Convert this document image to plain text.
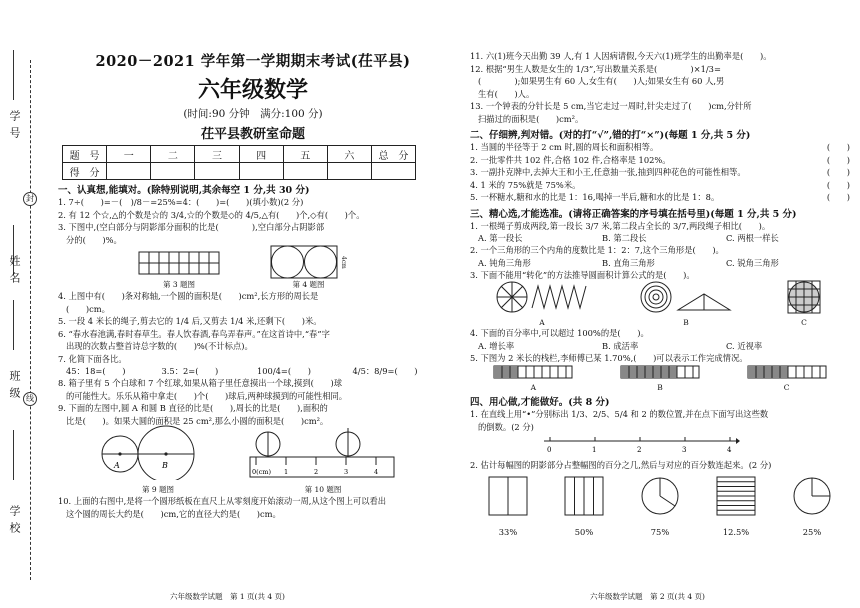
学号
封
姓名
班级 线
学校
2020－2021 学年第一学期期末考试(茌平县)
六年级数学
(时间:90 分钟　满分:100 分)
茌平县教研室命题
题　号	一	二	三	四	五	六	总　分
得　分							
一、认真想,能填对。(除特别说明,其余每空 1 分,共 30 分)
1. 7÷(　　)=－(　)/8－=25%=4：(　　)=(　　)(填小数)(2 分)
2. 有 12 个☆,△的个数是☆的 3/4,☆的个数是◇的 4/5,△有(　　)个,◇有(　　)个。
3. 下图中,(空白部分与阴影部分面积的比是(　　　　),空白部分占阴影部
分的(　　)%。
第 3 题图
4cm
第 4 题图
4. 上图中有(　　)条对称轴,一个圆的面积是(　　)cm²,长方形的周长是
(　　)cm。
5. 一段 4 米长的绳子,剪去它的 1/4 后,又剪去 1/4 米,还剩下(　　)米。
6. “春水春池满,春时春草生。春人饮春酒,春鸟弄春声。”在这首诗中,“春”字
出现的次数占整首诗总字数的(　　)%(不计标点)。
7. 化简下面各比。
45：18=(　　)	3.5：2=(　　)	100/4=(　　)	4/5：8/9=(　　)
8. 箱子里有 5 个白球和 7 个红球,如果从箱子里任意摸出一个球,摸到(　　)球
的可能性大。乐乐从箱中拿走(　　)个(　　)球后,两种球摸到的可能性相同。
9. 下面的左图中,圆 A 和圆 B 直径的比是(　　),周长的比是(　　),面积的
比是(　　)。如果大圆的面积是 25 cm²,那么小圆的面积是(　　)cm²。
A	B
第 9 题图
0(cm) 1	2	3	4
第 10 题图
10. 上面的右图中,是将一个圆形纸板在直尺上从零刻度开始滚动一周,从这个图上可以看出
这个圆的周长大约是(　　)cm,它的直径大约是(　　)cm。
六年级数学试题　第 1 页(共 4 页)
11. 六(1)班今天出勤 39 人,有 1 人因病请假,今天六(1)班学生的出勤率是(　　)。
12. 根据“男生人数是女生的 1/3”,写出数量关系是(　　　　)×1/3=
(　　　　);如果男生有 60 人,女生有(　　)人;如果女生有 60 人,男
生有(　　)人。
13. 一个钟表的分针长是 5 cm,当它走过一周时,针尖走过了(　　)cm,分针所
扫描过的面积是(　　)cm²。
二、仔细辨,判对错。(对的打“√”,错的打“×”)(每题 1 分,共 5 分)
1. 当圆的半径等于 2 cm 时,圆的周长和面积相等。	(　　)
2. 一批零件共 102 件,合格 102 件,合格率是 102%。	(　　)
3. 一副扑克牌中,去掉大王和小王,任意抽一张,抽到四种花色的可能性相等。	(　　)
4. 1 米的 75%就是 75%米。	(　　)
5. 一杯糖水,糖和水的比是 1：16,喝掉一半后,糖和水的比是 1：8。	(　　)
三、精心选,才能选准。(请将正确答案的序号填在括号里)(每题 1 分,共 5 分)
1. 一根绳子剪成两段,第一段长 3/7 米,第二段占全长的 3/7,两段绳子相比(　　)。
A. 第一段长	B. 第二段长	C. 两根一样长
2. 一个三角形的三个内角的度数比是 1：2：7,这个三角形是(　　)。
A. 钝角三角形	B. 直角三角形	C. 锐角三角形
3. 下面不能用“转化”的方法推导圆面积计算公式的是(　　)。
A	B	C
4. 下面的百分率中,可以超过 100%的是(　　)。
A. 增长率	B. 成活率	C. 近视率
5. 下图为 2 米长的栈栏,李师傅已某 1.70%,(　　)可以表示工作完成情况。
A	B	C
四、用心做,才能做好。(共 8 分)
1. 在直线上用“•”分别标出 1/3、2/5、5/4 和 2 的数位置,并在点下面写出这些数
的倒数。(2 分)
0	1	2	3	4
2. 估计每幅图的阴影部分占整幅图的百分之几,然后与对应的百分数连起来。(2 分)
33%	50%	75%	12.5%	25%
六年级数学试题　第 2 页(共 4 页)
